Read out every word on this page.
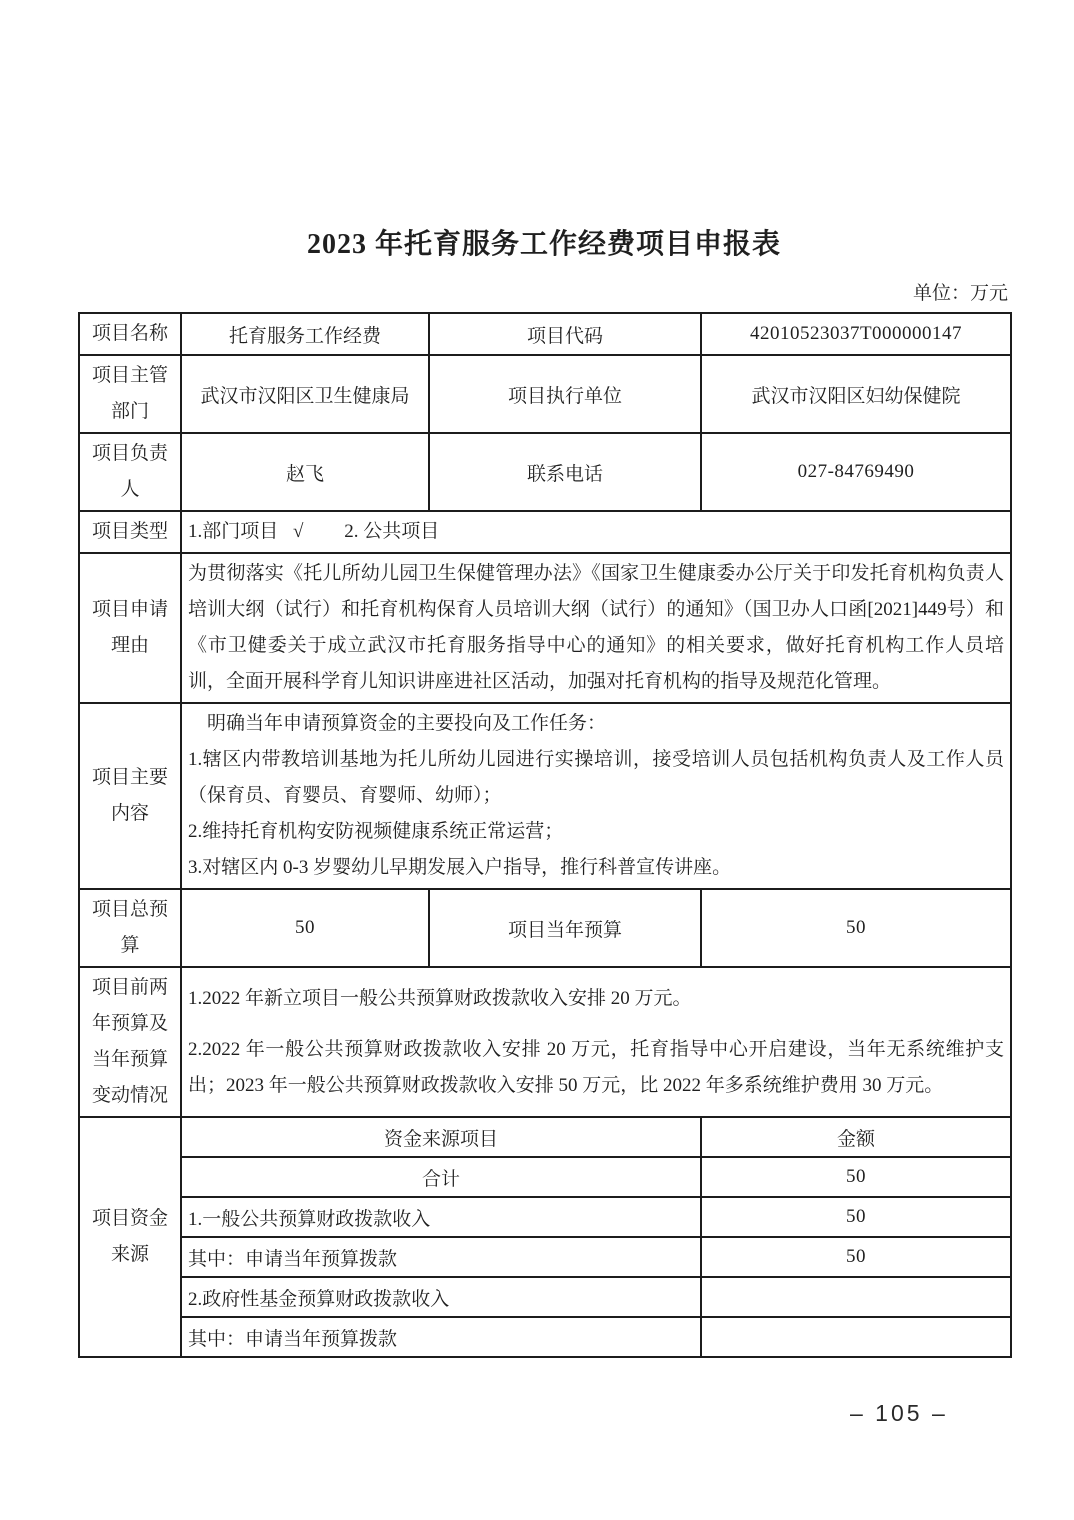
2023 年托育服务工作经费项目申报表
单位：万元
项目名称	托育服务工作经费	项目代码	42010523037T000000147
项目主管部门	武汉市汉阳区卫生健康局	项目执行单位	武汉市汉阳区妇幼保健院
项目负责人	赵飞	联系电话	027-84769490
项目类型	1.部门项目 √ 2. 公共项目		
项目申请理由	为贯彻落实《托儿所幼儿园卫生保健管理办法》《国家卫生健康委办公厅关于印发托育机构负责人培训大纲（试行）和托育机构保育人员培训大纲（试行）的通知》（国卫办人口函[2021]449号）和《市卫健委关于成立武汉市托育服务指导中心的通知》的相关要求，做好托育机构工作人员培训，全面开展科学育儿知识讲座进社区活动，加强对托育机构的指导及规范化管理。		
项目主要内容	明确当年申请预算资金的主要投向及工作任务：
1.辖区内带教培训基地为托儿所幼儿园进行实操培训，接受培训人员包括机构负责人及工作人员（保育员、育婴员、育婴师、幼师）；
2.维持托育机构安防视频健康系统正常运营；
3.对辖区内 0-3 岁婴幼儿早期发展入户指导，推行科普宣传讲座。		

项目总预算	50	项目当年预算	50
项目前两年预算及当年预算变动情况	1.2022 年新立项目一般公共预算财政拨款收入安排 20 万元。
2.2022 年一般公共预算财政拨款收入安排 20 万元，托育指导中心开启建设，当年无系统维护支出；2023 年一般公共预算财政拨款收入安排 50 万元，比 2022 年多系统维护费用 30 万元。		

项目资金来源	资金来源项目		金额
	合计		50
	1.一般公共预算财政拨款收入		50
	其中：申请当年预算拨款		50
	2.政府性基金预算财政拨款收入		
	其中：申请当年预算拨款		
– 105 –
